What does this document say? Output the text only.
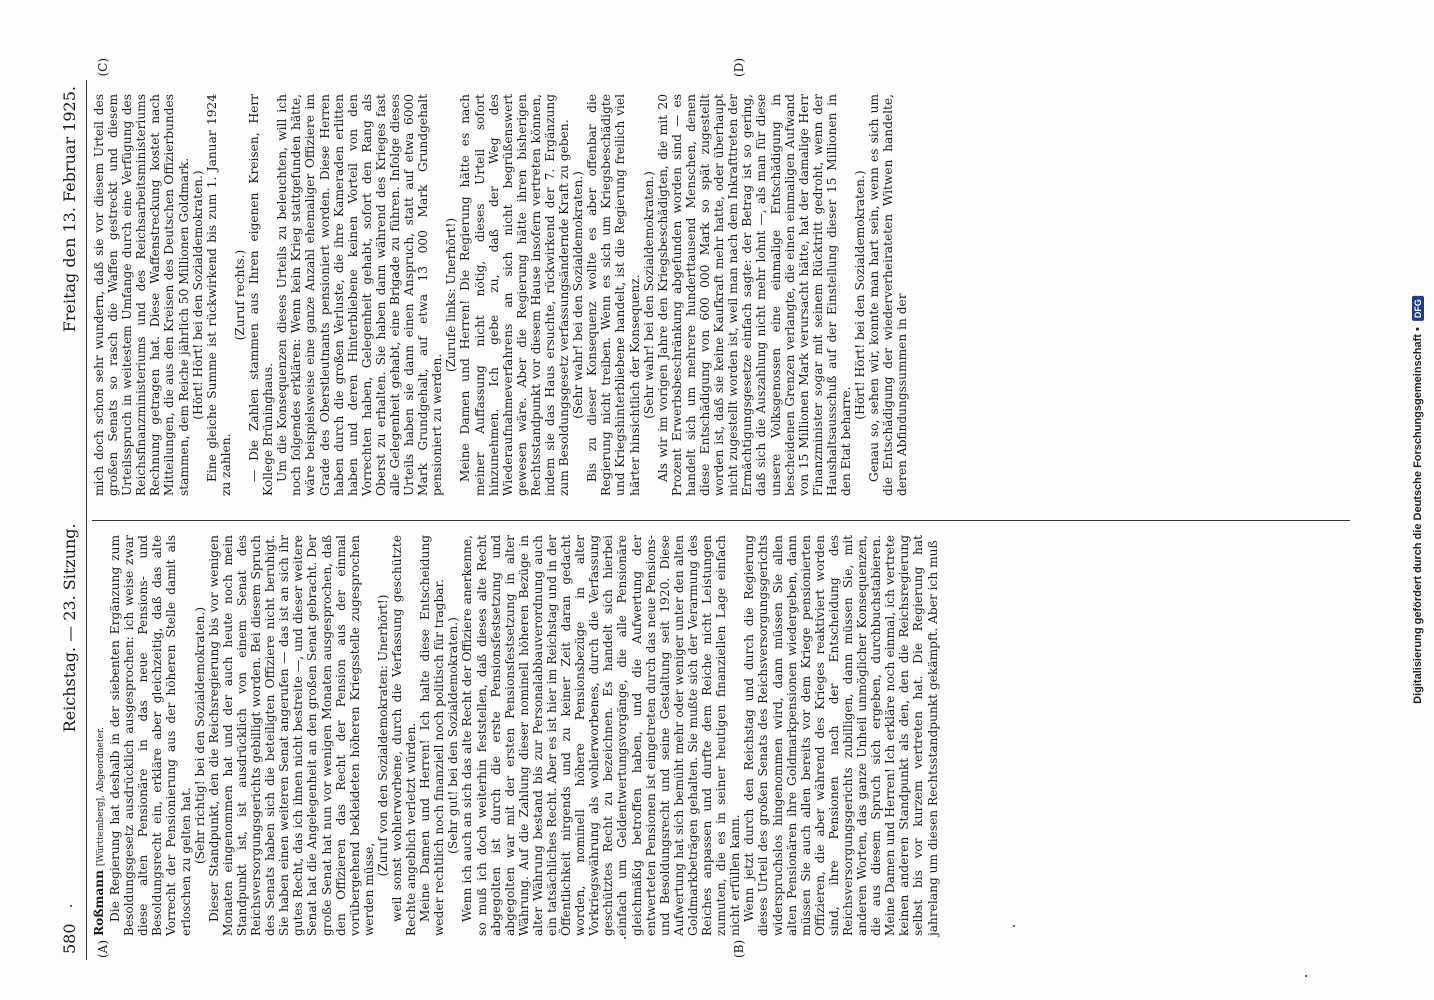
580
Reichstag. — 23. Sitzung.
Freitag den 13. Februar 1925.
(A)	(B)

Roßmann [Württemberg], Abgeordneter. Die Regierung hat deshalb in der siebenten Ergänzung zum Besoldungsgesetz ausdrücklich ausgesprochen: ich weise zwar diese alten Pensionäre in das neue Pensions- und Besoldungsrecht ein, erkläre aber gleichzeitig, daß das alte Vorrecht der Pensionierung aus der höheren Stelle damit als erloschen zu gelten hat. (Sehr richtig! bei den Sozialdemokraten.) Dieser Standpunkt, den die Reichsregierung bis vor wenigen Monaten eingenommen hat und der auch heute noch mein Standpunkt ist, ist ausdrücklich von einem Senat des Reichsversorgungsgerichts gebilligt worden. Bei diesem Spruch des Senats haben sich die beteiligten Offiziere nicht beruhigt. Sie haben einen weiteren Senat angerufen — das ist an sich ihr gutes Recht, das ich ihnen nicht bestreite —, und dieser weitere Senat hat die Angelegenheit an den großen Senat gebracht. Der große Senat hat nun vor wenigen Monaten ausgesprochen, daß den Offizieren das Recht der Pension aus der einmal vorübergehend bekleideten höheren Kriegsstelle zugesprochen werden müsse,

(Zuruf von den Sozialdemokraten: Unerhört!) weil sonst wohlerworbene, durch die Verfassung geschützte Rechte angeblich verletzt würden. Meine Damen und Herren! Ich halte diese Entscheidung weder rechtlich noch finanziell noch politisch für tragbar. (Sehr gut! bei den Sozialdemokraten.) Wenn ich auch an sich das alte Recht der Offiziere anerkenne, so muß ich doch weiterhin feststellen, daß dieses alte Recht abgegolten ist durch die erste Pensionsfestsetzung und abgegolten war mit der ersten Pensionsfestsetzung in alter Währung. Auf die Zahlung dieser nominell höheren Bezüge in alter Währung bestand bis zur Personalabbauverordnung auch ein tatsächliches Recht. Aber es ist hier im Reichstag und in der Öffentlichkeit nirgends und zu keiner Zeit daran gedacht worden, nominell höhere Pensionsbezüge in alter Vorkriegswährung als wohlerworbenes, durch die Verfassung geschütztes Recht zu bezeichnen. Es handelt sich hierbei einfach um Geldentwertungsvorgänge, die alle Pensionäre gleichmäßig betroffen haben, und die Aufwertung der entwerteten Pensionen ist eingetreten durch das neue Pensions- und Besoldungsrecht und seine Gestaltung seit 1920. Diese Aufwertung hat sich bemüht mehr oder weniger unter den alten Goldmarkbeträgen gehalten. Sie mußte sich der Verarmung des Reiches anpassen und durfte dem Reiche nicht Leistungen zumuten, die es in seiner heutigen finanziellen Lage einfach nicht erfüllen kann. Wenn jetzt durch den Reichstag und durch die Regierung dieses Urteil des großen Senats des Reichsversorgungsgerichts widerspruchslos hingenommen wird, dann müssen Sie allen alten Pensionären ihre Goldmarkpensionen wiedergeben, dann müssen Sie auch allen bereits vor dem Kriege pensionierten Offizieren, die aber während des Krieges reaktiviert worden sind, ihre Pensionen nach der Entscheidung des Reichsversorgungsgerichts zubilligen, dann müssen Sie, mit anderen Worten, das ganze Unheil unmöglicher Konsequenzen, die aus diesem Spruch sich ergeben, durchbuchstabieren. Meine Damen und Herren! Ich erkläre noch einmal, ich vertrete keinen anderen Standpunkt als den, den die Reichsregierung selbst bis vor kurzem vertreten hat. Die Regierung hat jahrelang um diesen Rechtsstandpunkt gekämpft. Aber ich muß

(C)	(D)

mich doch schon sehr wundern, daß sie vor diesem Urteil des großen Senats so rasch die Waffen gestreckt und diesem Urteilsspruch in weitestem Umfange durch eine Verfügung des Reichsfinanzministeriums und des Reichsarbeitsministeriums Rechnung getragen hat. Diese Waffenstreckung kostet nach Mitteilungen, die aus den Kreisen des Deutschen Offizierbundes stammen, dem Reiche jährlich 50 Millionen Goldmark. (Hört! Hört! bei den Sozialdemokraten.) Eine gleiche Summe ist rückwirkend bis zum 1. Januar 1924 zu zahlen.

(Zuruf rechts.) — Die Zahlen stammen aus Ihren eigenen Kreisen, Herr Kollege Brüninghaus. Um die Konsequenzen dieses Urteils zu beleuchten, will ich noch folgendes erklären: Wenn kein Krieg stattgefunden hätte, wäre beispielsweise eine ganze Anzahl ehemaliger Offiziere im Grade des Oberstleutnants pensioniert worden. Diese Herren haben durch die großen Verluste, die ihre Kameraden erlitten haben und deren Hinterbliebene keinen Vorteil von den Vorrechten haben, Gelegenheit gehabt, sofort den Rang als Oberst zu erhalten. Sie haben dann während des Krieges fast alle Gelegenheit gehabt, eine Brigade zu führen. Infolge dieses Urteils haben sie dann einen Anspruch, statt auf etwa 6000 Mark Grundgehalt, auf etwa 13 000 Mark Grundgehalt pensioniert zu werden.

(Zurufe links: Unerhört!) Meine Damen und Herren! Die Regierung hätte es nach meiner Auffassung nicht nötig, dieses Urteil sofort hinzunehmen. Ich gebe zu, daß der Weg des Wiederaufnahmeverfahrens an sich nicht begrüßenswert gewesen wäre. Aber die Regierung hätte ihren bisherigen Rechtsstandpunkt vor diesem Hause insofern vertreten können, indem sie das Haus ersuchte, rückwirkend der 7. Ergänzung zum Besoldungsgesetz verfassungsändernde Kraft zu geben. (Sehr wahr! bei den Sozialdemokraten.) Bis zu dieser Konsequenz wollte es aber offenbar die Regierung nicht treiben. Wenn es sich um Kriegsbeschädigte und Kriegshinterbliebene handelt, ist die Regierung freilich viel härter hinsichtlich der Konsequenz. (Sehr wahr! bei den Sozialdemokraten.) Als wir im vorigen Jahre den Kriegsbeschädigten, die mit 20 Prozent Erwerbsbeschränkung abgefunden worden sind — es handelt sich um mehrere hunderttausend Menschen, denen diese Entschädigung von 600 000 Mark so spät zugestellt worden ist, daß sie keine Kaufkraft mehr hatte, oder überhaupt nicht zugestellt worden ist, weil man nach dem Inkrafttreten der Ermächtigungsgesetze einfach sagte: der Betrag ist so gering, daß sich die Auszahlung nicht mehr lohnt —, als man für diese unsere Volksgenossen eine einmalige Entschädigung in bescheidenen Grenzen verlangte, die einen einmaligen Aufwand von 15 Millionen Mark verursacht hätte, hat der damalige Herr Finanzminister sogar mit seinem Rücktritt gedroht, wenn der Haushaltsausschuß auf der Einstellung dieser 15 Millionen in den Etat beharre.

(Hört! Hört! bei den Sozialdemokraten.) Genau so, sehen wir, konnte man hart sein, wenn es sich um die Entschädigung der wiederverheirateten Witwen handelte, deren Abfindungssummen in der	Digitalisierung gefördert durch die Deutsche Forschungsgemeinschaft •
DFG
